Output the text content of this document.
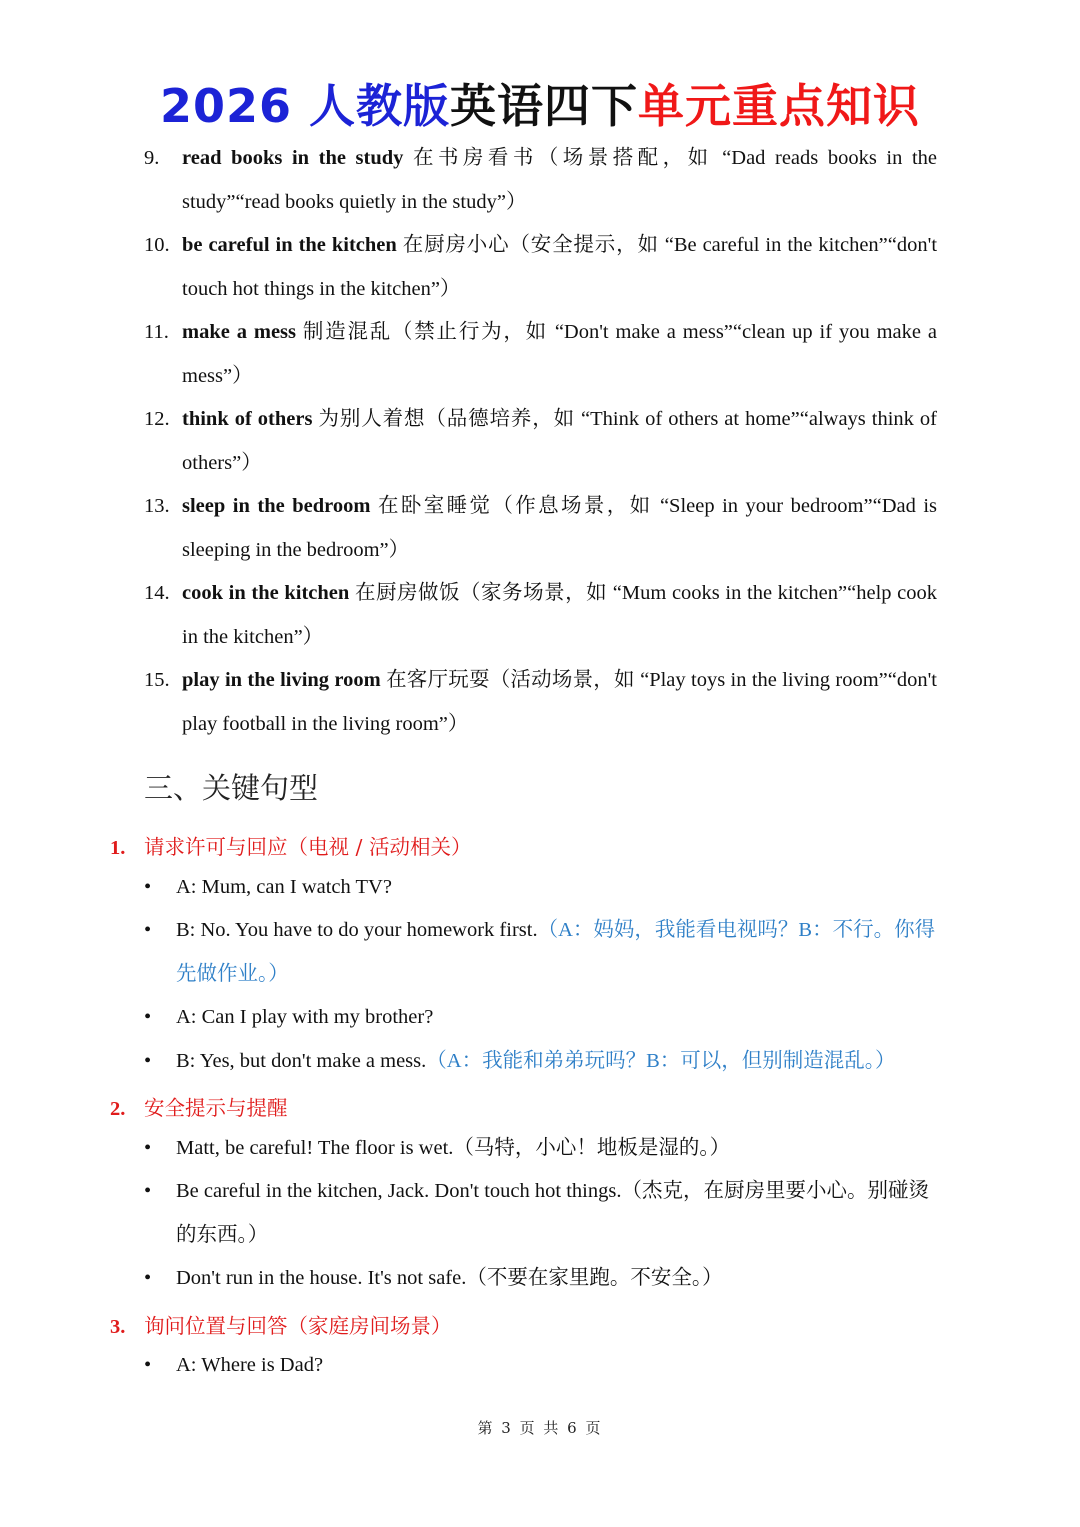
2026 人教版英语四下单元重点知识
9. read books in the study 在书房看书（场景搭配，如 “Dad reads books in the study”“read books quietly in the study”）
10. be careful in the kitchen 在厨房小心（安全提示，如 “Be careful in the kitchen”“don't touch hot things in the kitchen”）
11. make a mess 制造混乱（禁止行为，如 “Don't make a mess”“clean up if you make a mess”）
12. think of others 为别人着想（品德培养，如 “Think of others at home”“always think of others”）
13. sleep in the bedroom 在卧室睡觉（作息场景，如 “Sleep in your bedroom”“Dad is sleeping in the bedroom”）
14. cook in the kitchen 在厨房做饭（家务场景，如 “Mum cooks in the kitchen”“help cook in the kitchen”）
15. play in the living room 在客厅玩耍（活动场景，如 “Play toys in the living room”“don't play football in the living room”）
三、关键句型
1. 请求许可与回应（电视 / 活动相关）
•	A: Mum, can I watch TV?
•	B: No. You have to do your homework first.（A：妈妈，我能看电视吗？B：不行。你得先做作业。）
•	A: Can I play with my brother?
•	B: Yes, but don't make a mess.（A：我能和弟弟玩吗？B：可以，但别制造混乱。）
2. 安全提示与提醒
•	Matt, be careful! The floor is wet.（马特，小心！地板是湿的。）
•	Be careful in the kitchen, Jack. Don't touch hot things.（杰克，在厨房里要小心。别碰烫的东西。）
•	Don't run in the house. It's not safe.（不要在家里跑。不安全。）
3. 询问位置与回答（家庭房间场景）
•	A: Where is Dad?
第 3 页 共 6 页
